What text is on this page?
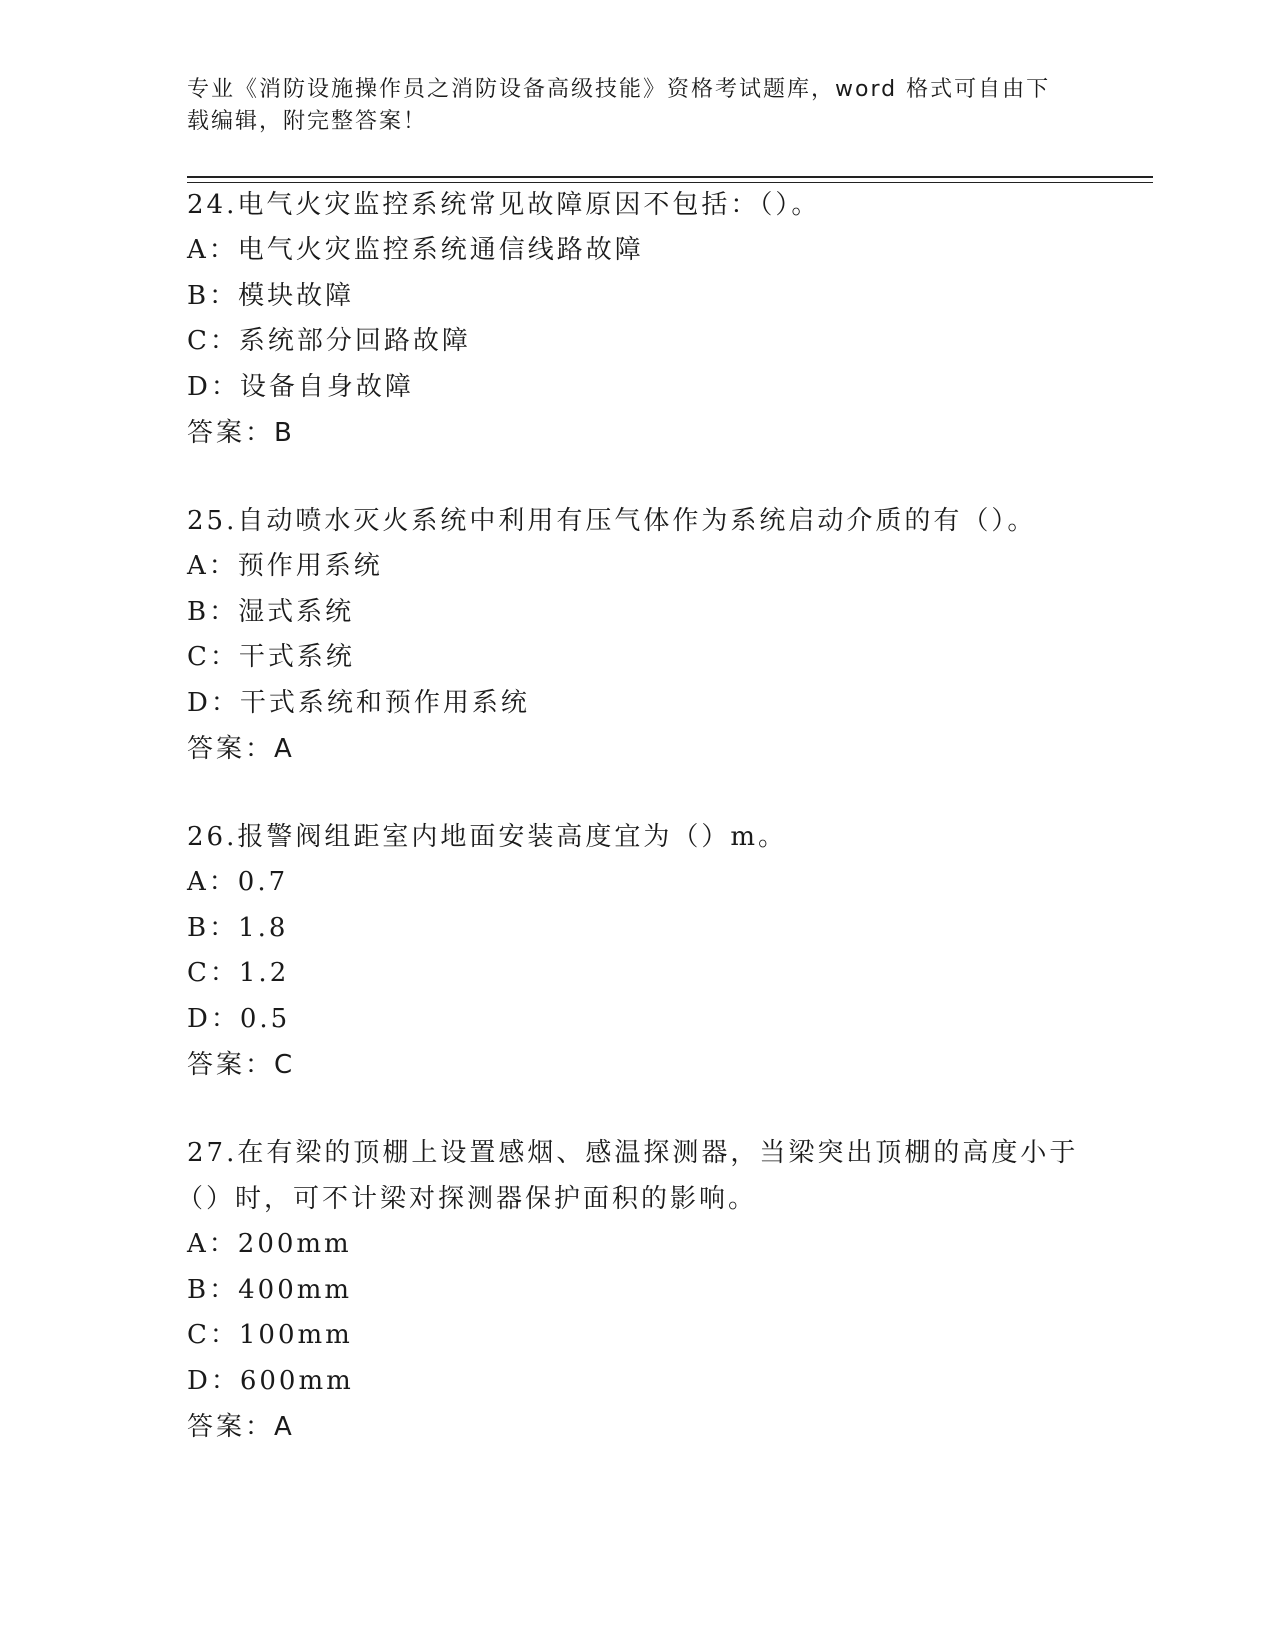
专业《消防设施操作员之消防设备高级技能》资格考试题库，word 格式可自由下
载编辑，附完整答案！

24.电气火灾监控系统常见故障原因不包括：（）。

A：电气火灾监控系统通信线路故障

B：模块故障

C：系统部分回路故障

D：设备自身故障

答案：B

25.自动喷水灭火系统中利用有压气体作为系统启动介质的有（）。

A：预作用系统

B：湿式系统

C：干式系统

D：干式系统和预作用系统

答案：A

26.报警阀组距室内地面安装高度宜为（）m。

A：0.7

B：1.8

C：1.2

D：0.5

答案：C

27.在有梁的顶棚上设置感烟、感温探测器，当梁突出顶棚的高度小于

（）时，可不计梁对探测器保护面积的影响。

A：200mm

B：400mm

C：100mm

D：600mm

答案：A
